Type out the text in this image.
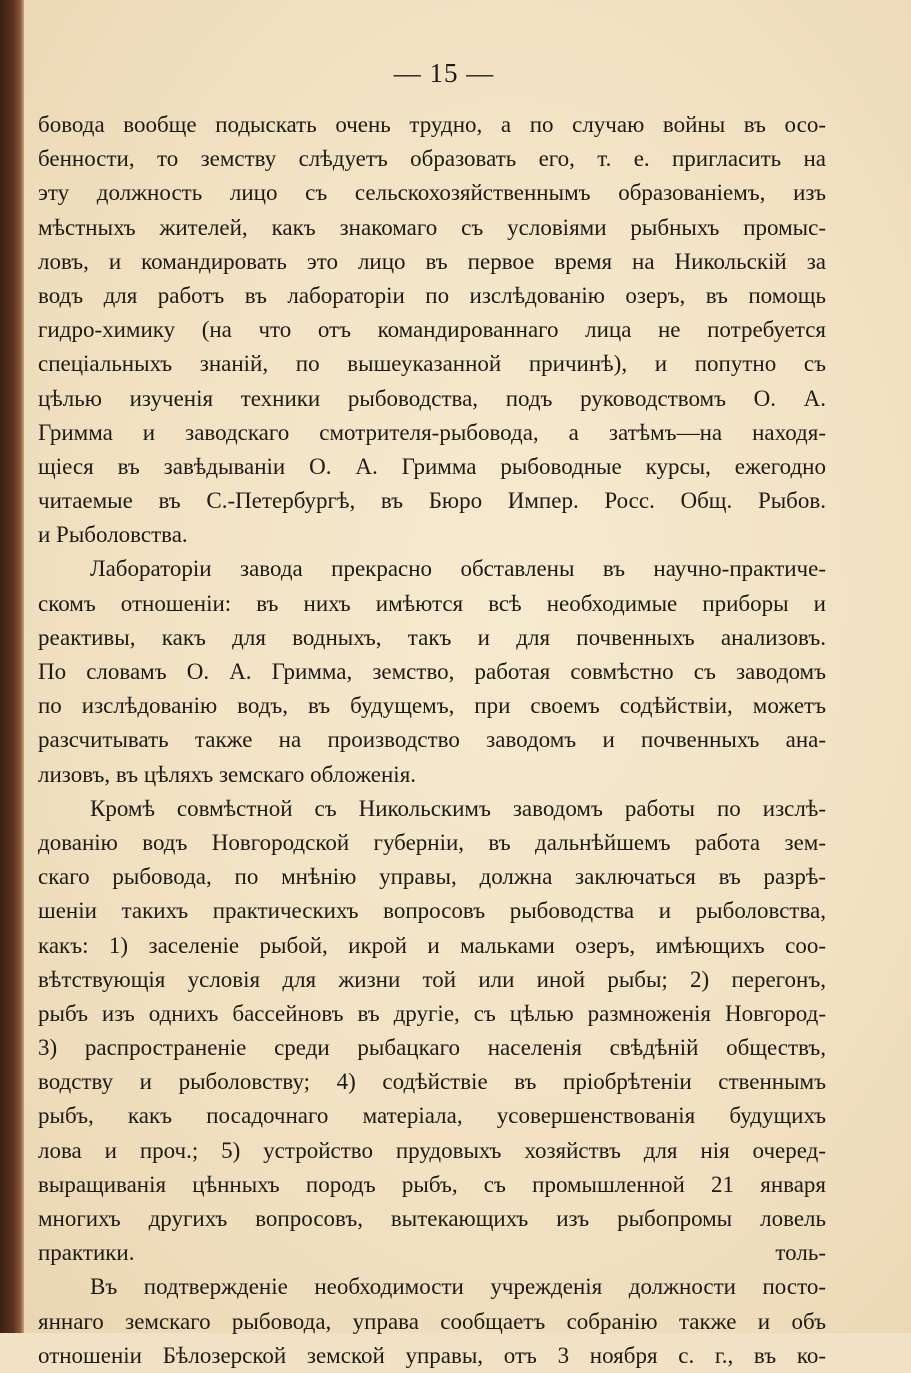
— 15 —
бовода вообще подыскать очень трудно, а по случаю войны въ осо-
бенности, то земству слѣдуетъ образовать его, т. е. пригласить на
эту должность лицо съ сельскохозяйственнымъ образованіемъ, изъ
мѣстныхъ жителей, какъ знакомаго съ условіями рыбныхъ промыс-
ловъ, и командировать это лицо въ первое время на Никольскій за
водъ для работъ въ лабораторіи по изслѣдованію озеръ, въ помощь
гидро-химику (на что отъ командированнаго лица не потребуется
спеціальныхъ знаній, по вышеуказанной причинѣ), и попутно съ
цѣлью изученія техники рыбоводства, подъ руководствомъ О. А.
Гримма и заводскаго смотрителя-рыбовода, а затѣмъ—на находя-
щіеся въ завѣдываніи О. А. Гримма рыбоводные курсы, ежегодно
читаемые въ С.-Петербургѣ, въ Бюро Импер. Росс. Общ. Рыбов.
и Рыболовства.
Лабораторіи завода прекрасно обставлены въ научно-практиче-
скомъ отношеніи: въ нихъ имѣются всѣ необходимые приборы и
реактивы, какъ для водныхъ, такъ и для почвенныхъ анализовъ.
По словамъ О. А. Гримма, земство, работая совмѣстно съ заводомъ
по изслѣдованію водъ, въ будущемъ, при своемъ содѣйствіи, можетъ
разсчитывать также на производство заводомъ и почвенныхъ ана-
лизовъ, въ цѣляхъ земскаго обложенія.
Кромѣ совмѣстной съ Никольскимъ заводомъ работы по изслѣ-
дованію водъ Новгородской губерніи, въ дальнѣйшемъ работа зем-
скаго рыбовода, по мнѣнію управы, должна заключаться въ разрѣ-
шеніи такихъ практическихъ вопросовъ рыбоводства и рыболовства,
какъ: 1) заселеніе рыбой, икрой и мальками озеръ, имѣющихъ соо-
вѣтствующія условія для жизни той или иной рыбы; 2) перегонъ,
рыбъ изъ однихъ бассейновъ въ другіе, съ цѣлью размноженія Новгород-
3) распространеніе среди рыбацкаго населенія свѣдѣній обществъ,
водству и рыболовству; 4) содѣйствіе въ пріобрѣтеніи ственнымъ
рыбъ, какъ посадочнаго матеріала, усовершенствованія будущихъ
лова и проч.; 5) устройство прудовыхъ хозяйствъ для нія очеред-
выращиванія цѣнныхъ породъ рыбъ, съ промышленной 21 января
многихъ другихъ вопросовъ, вытекающихъ изъ рыбопромы ловель
практики. толь-
Въ подтвержденіе необходимости учрежденія должности посто-
яннаго земскаго рыбовода, управа сообщаетъ собранію также и объ
отношеніи Бѣлозерской земской управы, отъ 3 ноября с. г., въ ко-
